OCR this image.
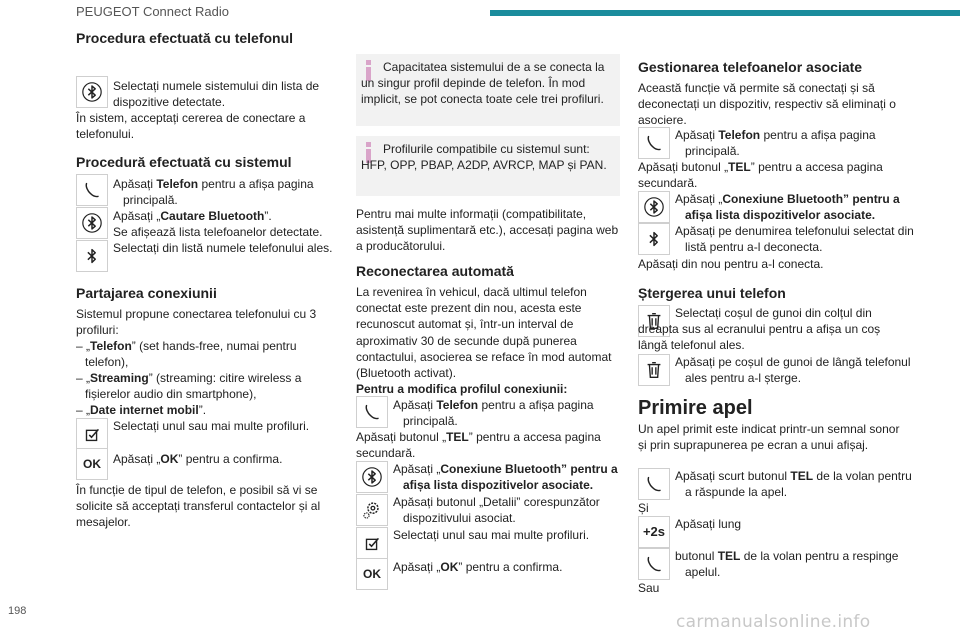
PEUGEOT Connect Radio
Procedura efectuată cu telefonul
Selectați numele sistemului din lista de dispozitive detectate.
În sistem, acceptați cererea de conectare a telefonului.
Procedură efectuată cu sistemul
Apăsați Telefon pentru a afișa pagina principală.
Apăsați „Cautare Bluetooth”.
Se afișează lista telefoanelor detectate.
Selectați din listă numele telefonului ales.
Partajarea conexiunii
Sistemul propune conectarea telefonului cu 3 profiluri:
– „Telefon” (set hands-free, numai pentru telefon),
– „Streaming” (streaming: citire wireless a fișierelor audio din smartphone),
– „Date internet mobil”.
Selectați unul sau mai multe profiluri.
OK Apăsați „OK” pentru a confirma.
În funcție de tipul de telefon, e posibil să vi se solicite să acceptați transferul contactelor și al mesajelor.
Capacitatea sistemului de a se conecta la un singur profil depinde de telefon. În mod implicit, se pot conecta toate cele trei profiluri.
Profilurile compatibile cu sistemul sunt: HFP, OPP, PBAP, A2DP, AVRCP, MAP și PAN.
Pentru mai multe informații (compatibilitate, asistență suplimentară etc.), accesați pagina web a producătorului.
Reconectarea automată
La revenirea în vehicul, dacă ultimul telefon conectat este prezent din nou, acesta este recunoscut automat și, într-un interval de aproximativ 30 de secunde după punerea contactului, asocierea se reface în mod automat (Bluetooth activat).
Pentru a modifica profilul conexiunii:
Apăsați Telefon pentru a afișa pagina principală.
Apăsați butonul „TEL” pentru a accesa pagina secundară.
Apăsați „Conexiune Bluetooth” pentru a afișa lista dispozitivelor asociate.
Apăsați butonul „Detalii” corespunzător dispozitivului asociat.
Selectați unul sau mai multe profiluri.
OK Apăsați „OK” pentru a confirma.
Gestionarea telefoanelor asociate
Această funcție vă permite să conectați și să deconectați un dispozitiv, respectiv să eliminați o asociere.
Apăsați Telefon pentru a afișa pagina principală.
Apăsați butonul „TEL” pentru a accesa pagina secundară.
Apăsați „Conexiune Bluetooth” pentru a afișa lista dispozitivelor asociate.
Apăsați pe denumirea telefonului selectat din listă pentru a-l deconecta.
Apăsați din nou pentru a-l conecta.
Ștergerea unui telefon
Selectați coșul de gunoi din colțul din dreapta sus al ecranului pentru a afișa un coș lângă telefonul ales.
Apăsați pe coșul de gunoi de lângă telefonul ales pentru a-l șterge.
Primire apel
Un apel primit este indicat printr-un semnal sonor și prin suprapunerea pe ecran a unui afișaj.
Apăsați scurt butonul TEL de la volan pentru a răspunde la apel.
Și
+2s Apăsați lung
butonul TEL de la volan pentru a respinge apelul.
Sau
198
carmanualsonline.info
